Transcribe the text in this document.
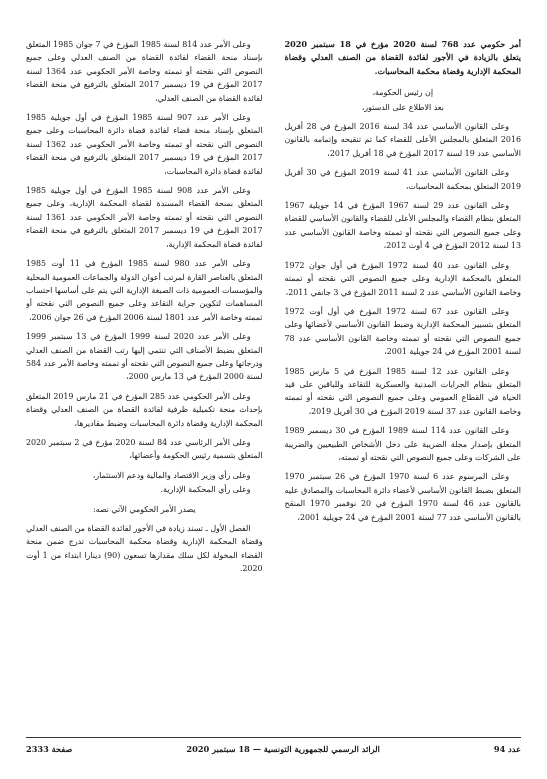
أمر حكومي عدد 768 لسنة 2020 مؤرخ في 18 سبتمبر 2020 يتعلق بالزيادة في الأجور لفائدة القضاة من الصنف العدلي وقضاة المحكمة الإدارية وقضاة محكمة المحاسبات.

إن رئيس الحكومة،

بعد الاطلاع على الدستور،

وعلى القانون الأساسي عدد 34 لسنة 2016 المؤرخ في 28 أفريل 2016 المتعلق بالمجلس الأعلى للقضاء كما تم تنقيحه وإتمامه بالقانون الأساسي عدد 19 لسنة 2017 المؤرخ في 18 أفريل 2017،

وعلى القانون الأساسي عدد 41 لسنة 2019 المؤرخ في 30 أفريل 2019 المتعلق بمحكمة المحاسبات،

وعلى القانون عدد 29 لسنة 1967 المؤرخ في 14 جويلية 1967 المتعلق بنظام القضاء والمجلس الأعلى للقضاء والقانون الأساسي للقضاة وعلى جميع النصوص التي نقحته أو تممته وخاصة القانون الأساسي عدد 13 لسنة 2012 المؤرخ في 4 أوت 2012،

وعلى القانون عدد 40 لسنة 1972 المؤرخ في أول جوان 1972 المتعلق بالمحكمة الإدارية وعلى جميع النصوص التي نقحته أو تممته وخاصة القانون الأساسي عدد 2 لسنة 2011 المؤرخ في 3 جانفي 2011،

وعلى القانون عدد 67 لسنة 1972 المؤرخ في أول أوت 1972 المتعلق بتسيير المحكمة الإدارية وضبط القانون الأساسي لأعضائها وعلى جميع النصوص التي نقحته أو تممته وخاصة القانون الأساسي عدد 78 لسنة 2001 المؤرخ في 24 جويلية 2001،

وعلى القانون عدد 12 لسنة 1985 المؤرخ في 5 مارس 1985 المتعلق بنظام الجرايات المدنية والعسكرية للتقاعد وللباقين على قيد الحياة في القطاع العمومي وعلى جميع النصوص التي نقحته أو تممته وخاصة القانون عدد 37 لسنة 2019 المؤرخ في 30 أفريل 2019،

وعلى القانون عدد 114 لسنة 1989 المؤرخ في 30 ديسمبر 1989 المتعلق بإصدار مجلة الضريبة على دخل الأشخاص الطبيعيين والضريبة على الشركات وعلى جميع النصوص التي نقحته أو تممته،

وعلى المرسوم عدد 6 لسنة 1970 المؤرخ في 26 سبتمبر 1970 المتعلق بضبط القانون الأساسي لأعضاء دائرة المحاسبات والمصادق عليه بالقانون عدد 46 لسنة 1970 المؤرخ في 20 نوفمبر 1970 المنقح بالقانون الأساسي عدد 77 لسنة 2001 المؤرخ في 24 جويلية 2001،

وعلى الأمر عدد 814 لسنة 1985 المؤرخ في 7 جوان 1985 المتعلق بإسناد منحة القضاء لفائدة القضاة من الصنف العدلي وعلى جميع النصوص التي نقحته أو تممته وخاصة الأمر الحكومي عدد 1364 لسنة 2017 المؤرخ في 19 ديسمبر 2017 المتعلق بالترفيع في منحة القضاء لفائدة القضاة من الصنف العدلي،

وعلى الأمر عدد 907 لسنة 1985 المؤرخ في أول جويلية 1985 المتعلق بإسناد منحة قضاء لفائدة قضاة دائرة المحاسبات وعلى جميع النصوص التي نقحته أو تممته وخاصة الأمر الحكومي عدد 1362 لسنة 2017 المؤرخ في 19 ديسمبر 2017 المتعلق بالترفيع في منحة القضاء لفائدة قضاة دائرة المحاسبات،

وعلى الأمر عدد 908 لسنة 1985 المؤرخ في أول جويلية 1985 المتعلق بمنحة القضاء المسندة لقضاة المحكمة الإدارية، وعلى جميع النصوص التي نقحته أو تممته وخاصة الأمر الحكومي عدد 1361 لسنة 2017 المؤرخ في 19 ديسمبر 2017 المتعلق بالترفيع في منحة القضاء لفائدة قضاة المحكمة الإدارية،

وعلى الأمر عدد 980 لسنة 1985 المؤرخ في 11 أوت 1985 المتعلق بالعناصر القارة لمرتب أعوان الدولة والجماعات العمومية المحلية والمؤسسات العمومية ذات الصبغة الإدارية التي يتم على أساسها احتساب المساهمات لتكوين جراية التقاعد وعلى جميع النصوص التي نقحته أو تممته وخاصة الأمر عدد 1801 لسنة 2006 المؤرخ في 26 جوان 2006،

وعلى الأمر عدد 2020 لسنة 1999 المؤرخ في 13 سبتمبر 1999 المتعلق بضبط الأصناف التي تنتمي إليها رتب القضاة من الصنف العدلي ودرجاتها وعلى جميع النصوص التي نقحته أو تممته وخاصة الأمر عدد 584 لسنة 2000 المؤرخ في 13 مارس 2000،

وعلى الأمر الحكومي عدد 285 المؤرخ في 21 مارس 2019 المتعلق بإحداث منحة تكميلية ظرفية لفائدة القضاة من الصنف العدلي وقضاة المحكمة الإدارية وقضاة دائرة المحاسبات وضبط مقاديرها،

وعلى الأمر الرئاسي عدد 84 لسنة 2020 مؤرخ في 2 سبتمبر 2020 المتعلق بتسمية رئيس الحكومة وأعضائها،

وعلى رأي وزير الاقتصاد والمالية ودعم الاستثمار،

وعلى رأي المحكمة الإدارية.

يصدر الأمر الحكومي الآتي نصه:

الفصل الأول ـ تسند زيادة في الأجور لفائدة القضاة من الصنف العدلي وقضاة المحكمة الإدارية وقضاة محكمة المحاسبات تدرج ضمن منحة القضاء المخولة لكل سلك مقدارها تسعون (90) دينارا ابتداء من 1 أوت 2020.

عدد 94
الرائد الرسمي للجمهورية التونسية — 18 سبتمبر 2020
صفحة 2333
